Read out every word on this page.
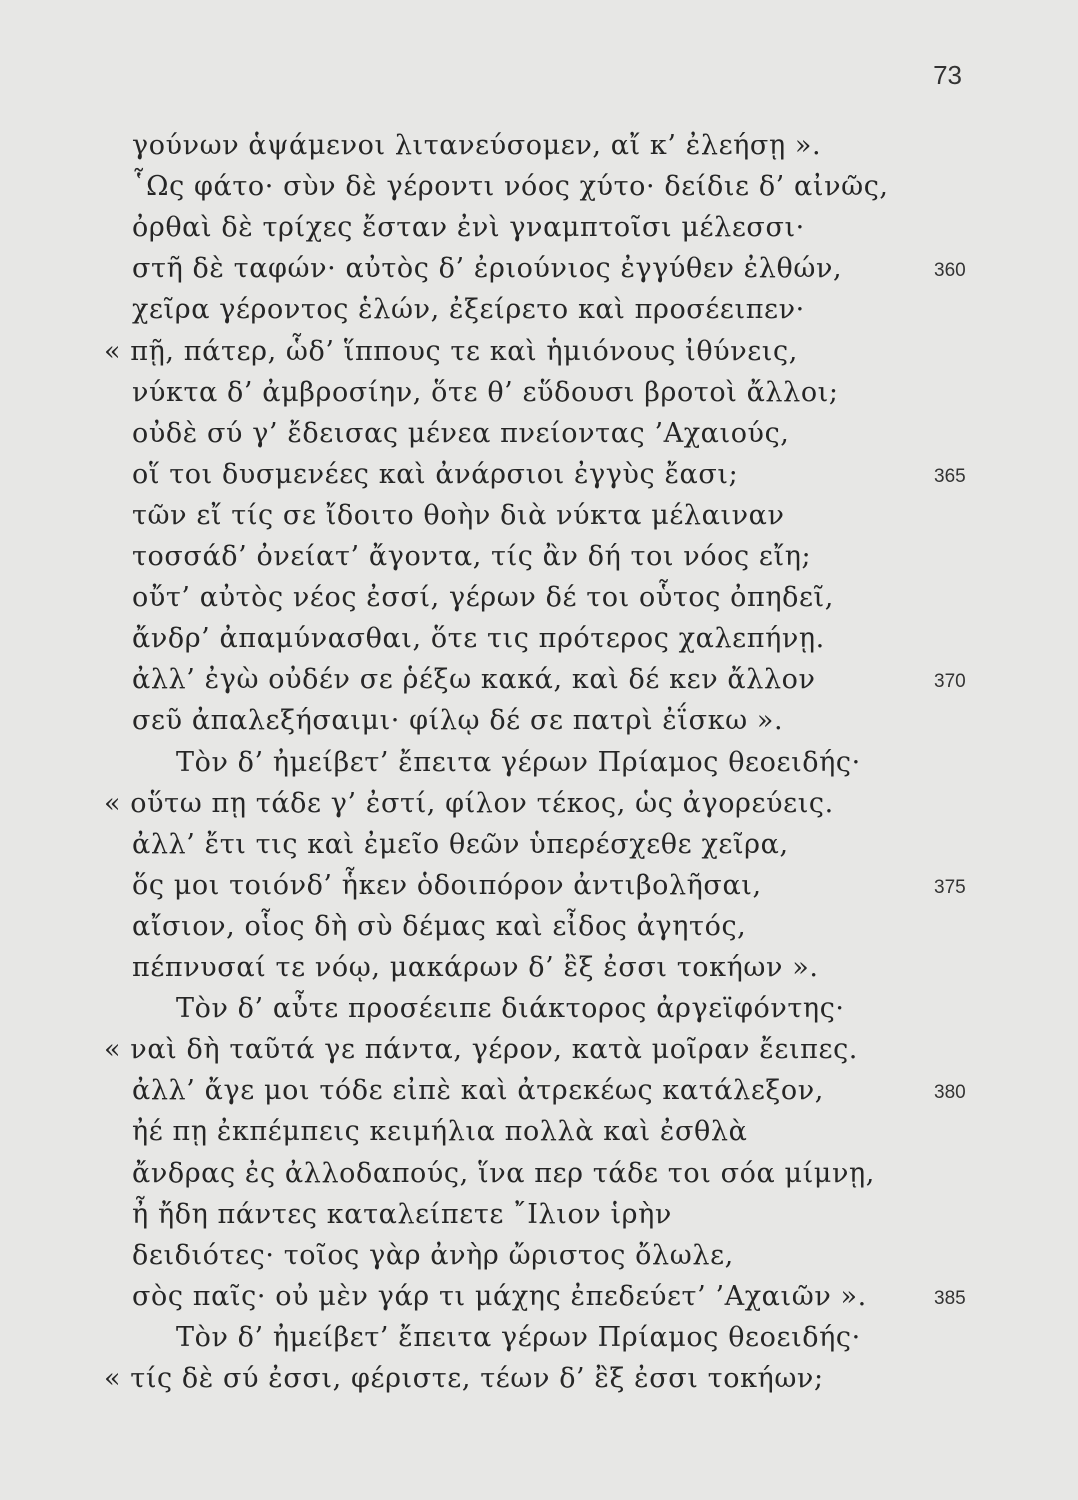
73
γούνων ἁψάμενοι λιτανεύσομεν, αἴ κ’ ἐλεήσῃ ».
῟Ως φάτο· σὺν δὲ γέροντι νόος χύτο· δείδιε δ’ αἰνῶς,
ὀρθαὶ δὲ τρίχες ἔσταν ἐνὶ γναμπτοῖσι μέλεσσι·
στῆ δὲ ταφών· αὐτὸς δ’ ἐριούνιος ἐγγύθεν ἐλθών,	360
χεῖρα γέροντος ἑλών, ἐξείρετο καὶ προσέειπεν·
« πῇ, πάτερ, ὧδ’ ἵππους τε καὶ ἡμιόνους ἰθύνεις,
νύκτα δ’ ἀμβροσίην, ὅτε θ’ εὕδουσι βροτοὶ ἄλλοι;
οὐδὲ σύ γ’ ἔδεισας μένεα πνείοντας ’Αχαιούς,
οἵ τοι δυσμενέες καὶ ἀνάρσιοι ἐγγὺς ἔασι;	365
τῶν εἴ τίς σε ἴδοιτο θοὴν διὰ νύκτα μέλαιναν
τοσσάδ’ ὀνείατ’ ἄγοντα, τίς ἂν δή τοι νόος εἴη;
οὔτ’ αὐτὸς νέος ἐσσί, γέρων δέ τοι οὗτος ὀπηδεῖ,
ἄνδρ’ ἀπαμύνασθαι, ὅτε τις πρότερος χαλεπήνῃ.
ἀλλ’ ἐγὼ οὐδέν σε ῥέξω κακά, καὶ δέ κεν ἄλλον	370
σεῦ ἀπαλεξήσαιμι· φίλῳ δέ σε πατρὶ ἐΐσκω ».
Τὸν δ’ ἠμείβετ’ ἔπειτα γέρων Πρίαμος θεοειδής·
« οὕτω πῃ τάδε γ’ ἐστί, φίλον τέκος, ὡς ἀγορεύεις.
ἀλλ’ ἔτι τις καὶ ἐμεῖο θεῶν ὑπερέσχεθε χεῖρα,
ὅς μοι τοιόνδ’ ἧκεν ὁδοιπόρον ἀντιβολῆσαι,	375
αἴσιον, οἷος δὴ σὺ δέμας καὶ εἶδος ἀγητός,
πέπνυσαί τε νόῳ, μακάρων δ’ ἒξ ἐσσι τοκήων ».
Τὸν δ’ αὖτε προσέειπε διάκτορος ἀργεϊφόντης·
« ναὶ δὴ ταῦτά γε πάντα, γέρον, κατὰ μοῖραν ἔειπες.
ἀλλ’ ἄγε μοι τόδε εἰπὲ καὶ ἀτρεκέως κατάλεξον,	380
ἠέ πῃ ἐκπέμπεις κειμήλια πολλὰ καὶ ἐσθλὰ
ἄνδρας ἐς ἀλλοδαπούς, ἵνα περ τάδε τοι σόα μίμνῃ,
ἦ ἤδη πάντες καταλείπετε ῎Ιλιον ἱρὴν
δειδιότες· τοῖος γὰρ ἀνὴρ ὤριστος ὄλωλε,
σὸς παῖς· οὐ μὲν γάρ τι μάχης ἐπεδεύετ’ ’Αχαιῶν ».	385
Τὸν δ’ ἠμείβετ’ ἔπειτα γέρων Πρίαμος θεοειδής·
« τίς δὲ σύ ἐσσι, φέριστε, τέων δ’ ἒξ ἐσσι τοκήων;
